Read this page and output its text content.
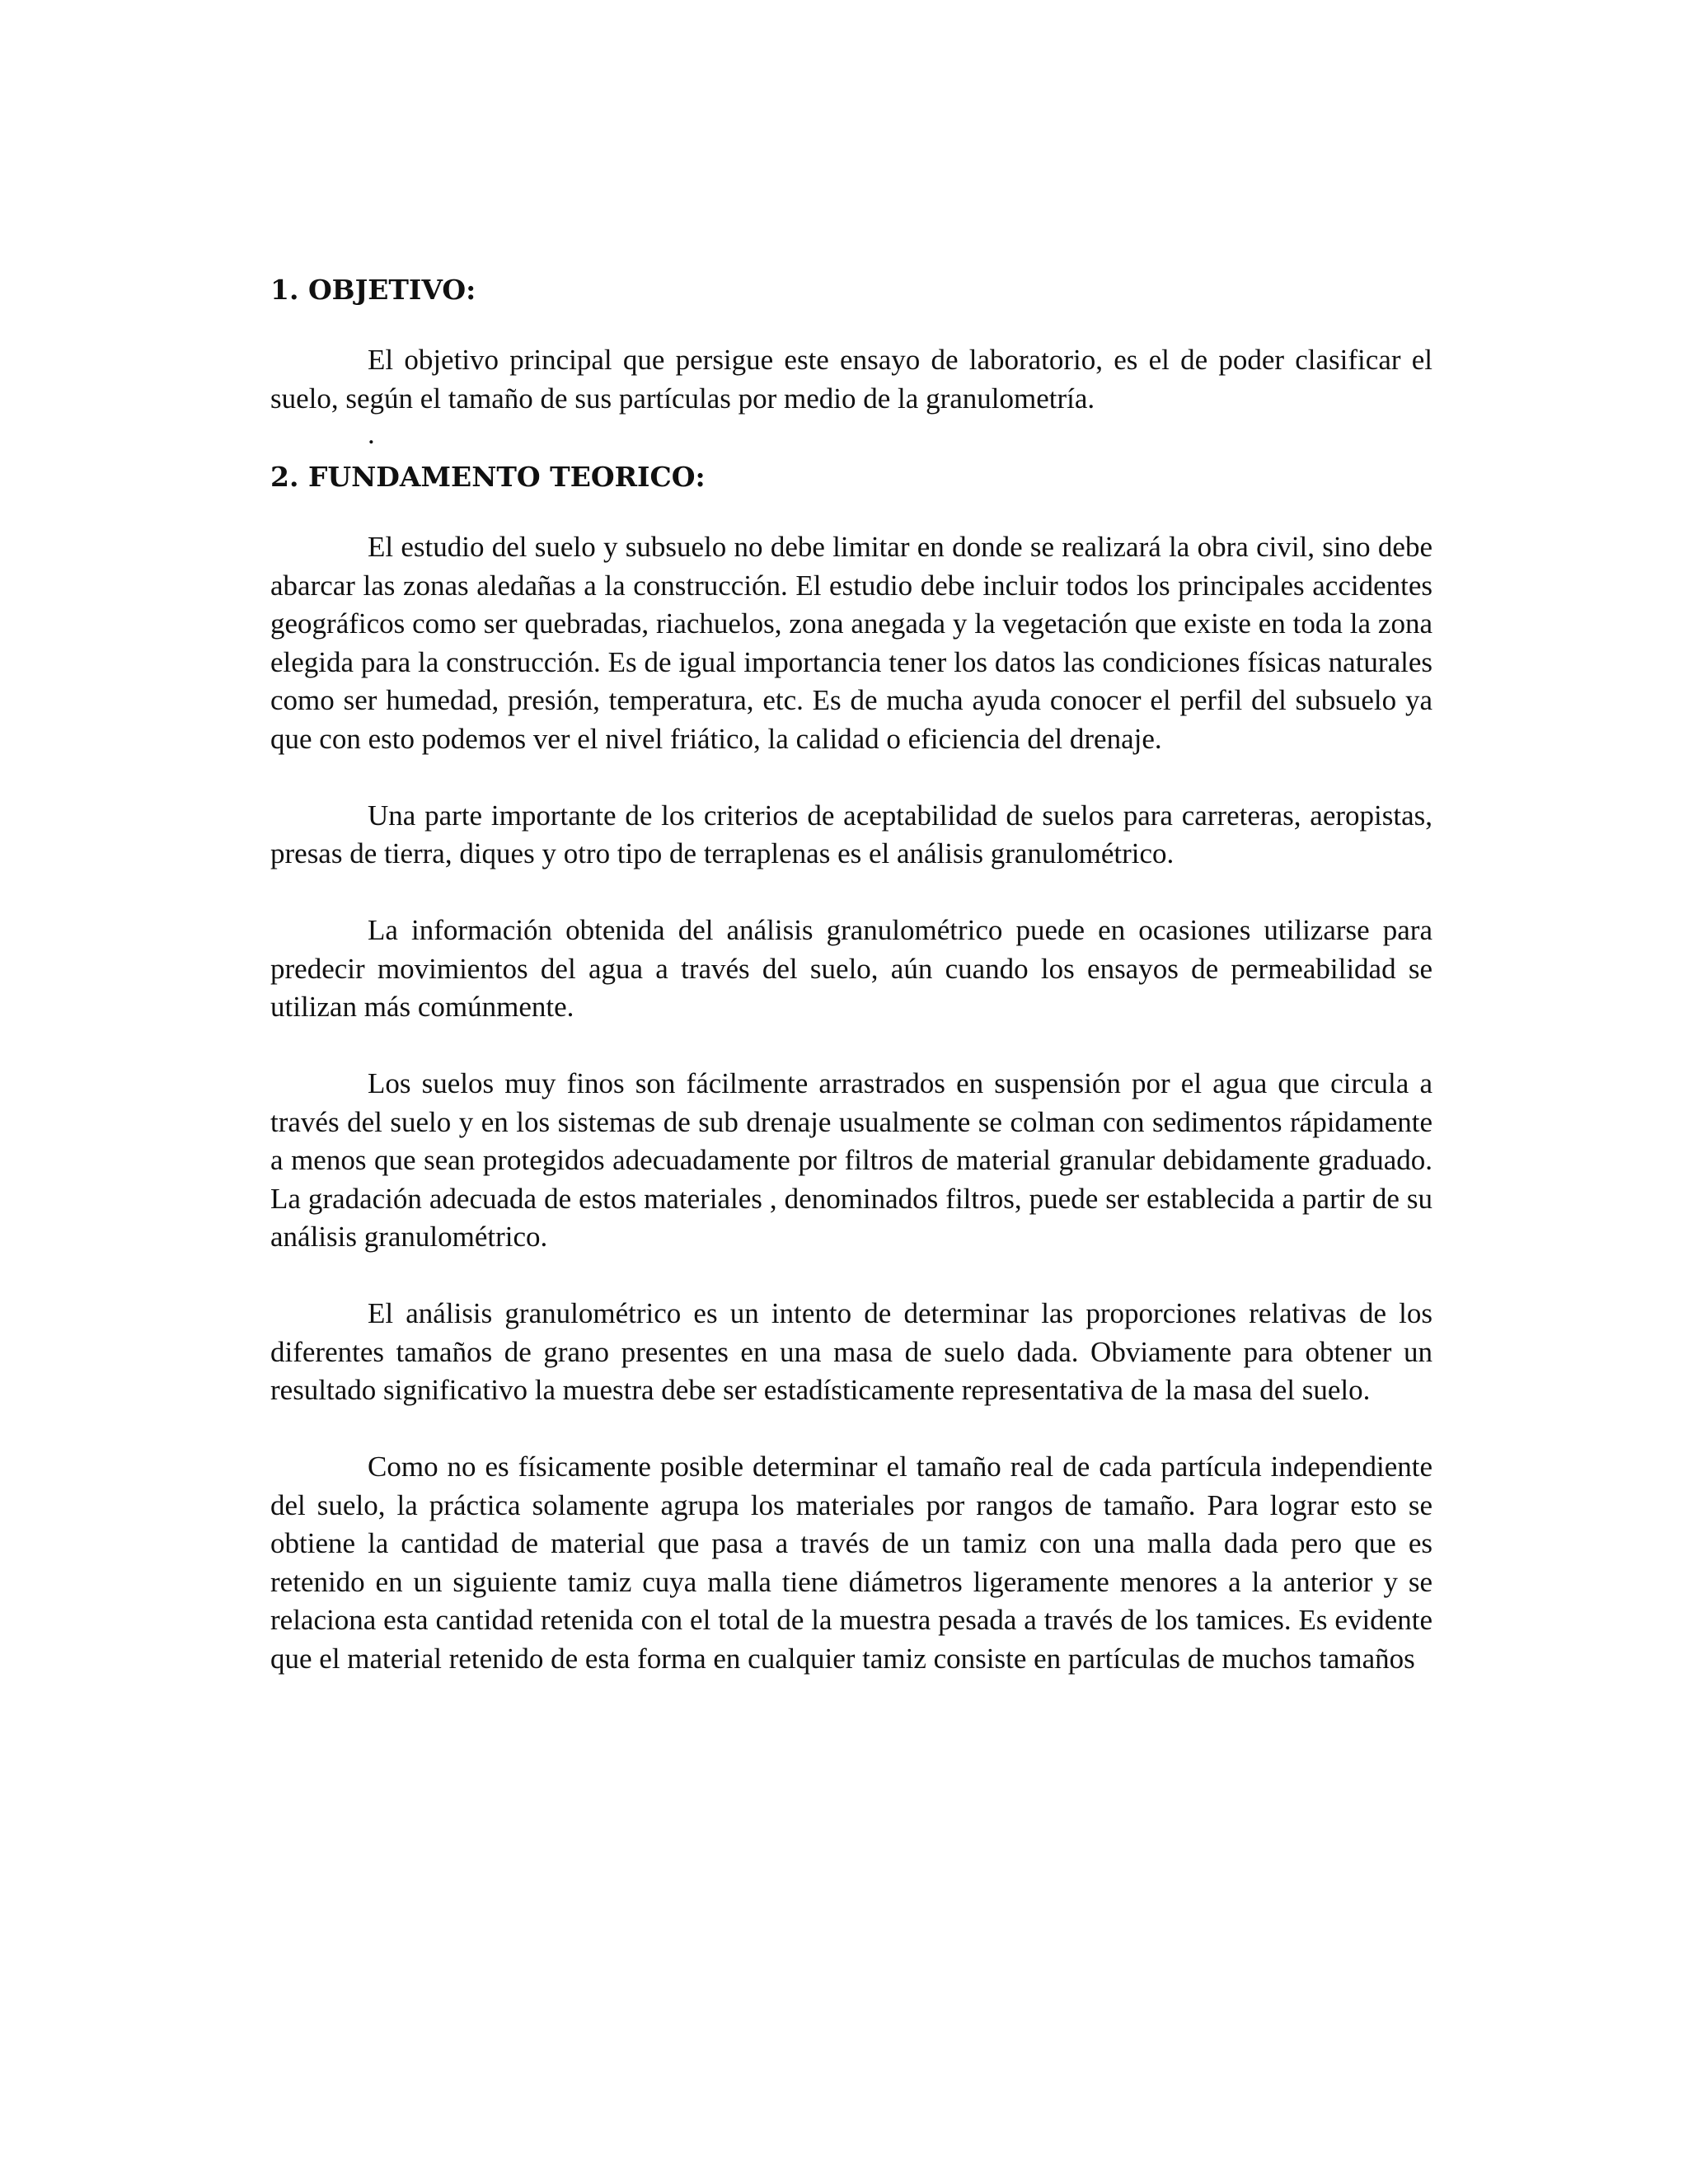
1. OBJETIVO:

El objetivo principal que persigue este ensayo de laboratorio, es el de poder clasificar el suelo, según el tamaño de sus partículas por medio de la granulometría.

.

2. FUNDAMENTO TEORICO:

El estudio del suelo y subsuelo no debe limitar en donde se realizará la obra civil, sino debe abarcar las zonas aledañas a la construcción. El estudio debe incluir todos los principales accidentes geográficos como ser quebradas, riachuelos, zona anegada y la vegetación que existe en toda la zona elegida para la construcción. Es de igual importancia tener los datos las condiciones físicas naturales como ser humedad, presión, temperatura, etc. Es de mucha ayuda conocer el perfil del subsuelo ya que con esto podemos ver el nivel friático, la calidad o eficiencia del drenaje.

Una parte importante de los criterios de aceptabilidad de suelos para carreteras, aeropistas, presas de tierra, diques y otro tipo de terraplenas es el análisis granulométrico.

La información obtenida del análisis granulométrico puede en ocasiones utilizarse para predecir movimientos del agua a través del suelo, aún cuando los ensayos de permeabilidad se utilizan más comúnmente.

Los suelos muy finos son fácilmente arrastrados en suspensión por el agua que circula a través del suelo y en los sistemas de sub drenaje usualmente se colman con sedimentos rápidamente a menos que sean protegidos adecuadamente por filtros de material granular debidamente graduado. La gradación adecuada de estos materiales , denominados filtros, puede ser establecida a partir de su análisis granulométrico.

El análisis granulométrico es un intento de determinar las proporciones relativas de los diferentes tamaños de grano presentes en una masa de suelo dada. Obviamente para obtener un resultado significativo la muestra debe ser estadísticamente representativa de la masa del suelo.

Como no es físicamente posible determinar el tamaño real de cada partícula independiente del suelo, la práctica solamente agrupa los materiales por rangos de tamaño. Para lograr esto se obtiene la cantidad de material que pasa a través de un tamiz con una malla dada pero que es retenido en un siguiente tamiz cuya malla tiene diámetros ligeramente menores a la anterior y se relaciona esta cantidad retenida con el total de la muestra pesada a través de los tamices. Es evidente que el material retenido de esta forma en cualquier tamiz consiste en partículas de muchos tamaños
